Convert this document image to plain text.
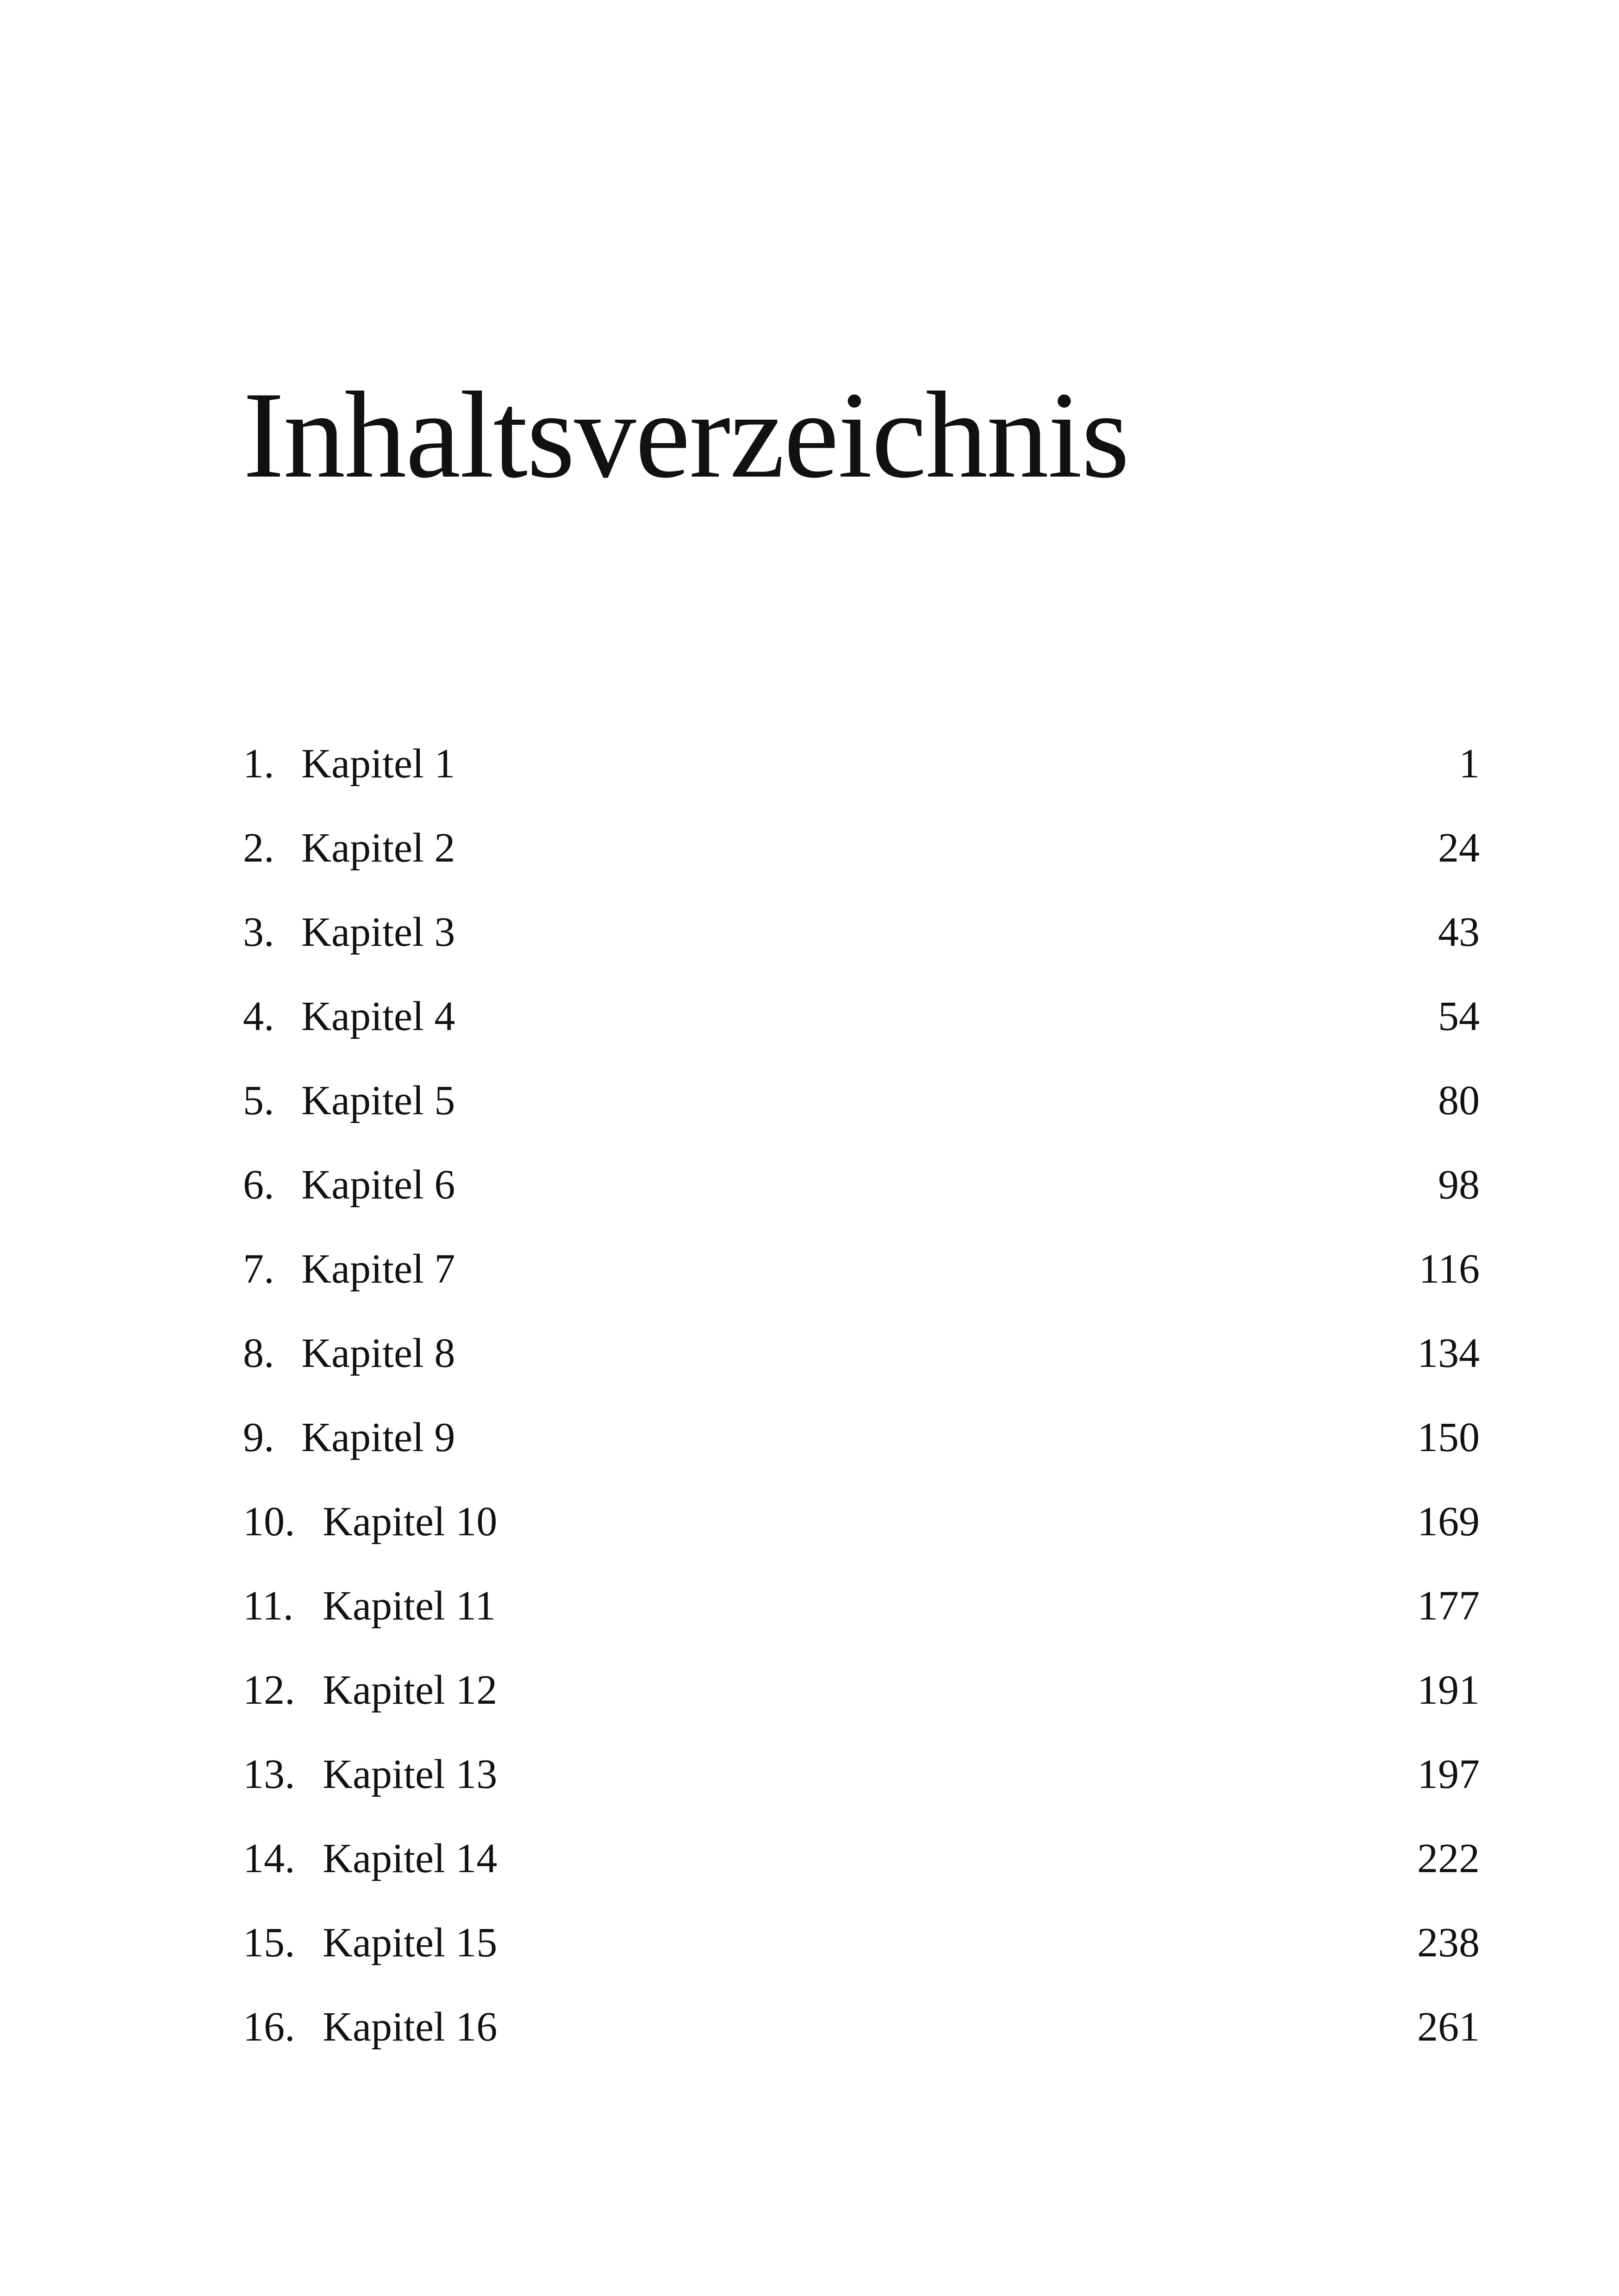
Inhaltsverzeichnis
1. Kapitel 1	1
2. Kapitel 2	24
3. Kapitel 3	43
4. Kapitel 4	54
5. Kapitel 5	80
6. Kapitel 6	98
7. Kapitel 7	116
8. Kapitel 8	134
9. Kapitel 9	150
10. Kapitel 10	169
11. Kapitel 11	177
12. Kapitel 12	191
13. Kapitel 13	197
14. Kapitel 14	222
15. Kapitel 15	238
16. Kapitel 16	261
